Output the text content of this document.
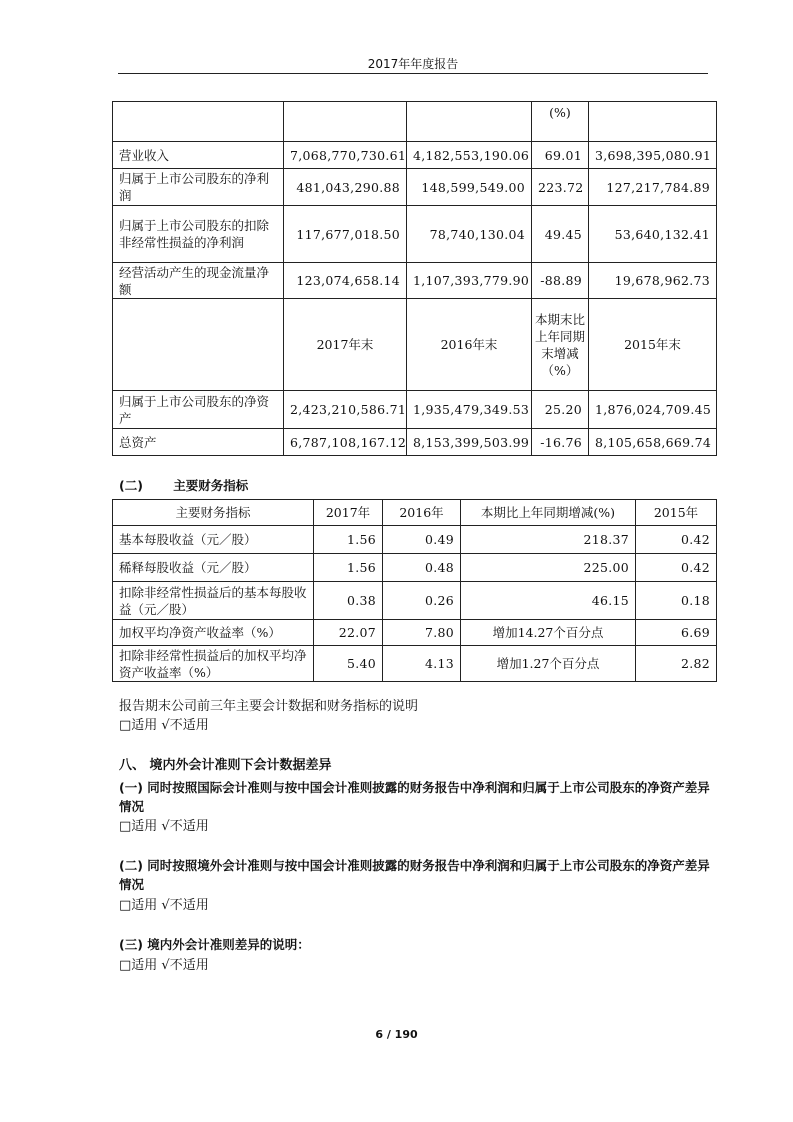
2017年年度报告
			(%)	
营业收入	7,068,770,730.61	4,182,553,190.06	69.01	3,698,395,080.91
归属于上市公司股东的净利润	481,043,290.88	148,599,549.00	223.72	127,217,784.89
归属于上市公司股东的扣除非经常性损益的净利润	117,677,018.50	78,740,130.04	49.45	53,640,132.41
经营活动产生的现金流量净额	123,074,658.14	1,107,393,779.90	-88.89	19,678,962.73
	2017年末	2016年末	本期末比上年同期末增减（%）	2015年末
归属于上市公司股东的净资产	2,423,210,586.71	1,935,479,349.53	25.20	1,876,024,709.45
总资产	6,787,108,167.12	8,153,399,503.99	-16.76	8,105,658,669.74
(二) 主要财务指标
主要财务指标	2017年	2016年	本期比上年同期增减(%)	2015年
基本每股收益（元／股）	1.56	0.49	218.37	0.42
稀释每股收益（元／股）	1.56	0.48	225.00	0.42
扣除非经常性损益后的基本每股收益（元／股）	0.38	0.26	46.15	0.18
加权平均净资产收益率（%）	22.07	7.80	增加14.27个百分点	6.69
扣除非经常性损益后的加权平均净资产收益率（%）	5.40	4.13	增加1.27个百分点	2.82
报告期末公司前三年主要会计数据和财务指标的说明
□适用 √不适用
八、 境内外会计准则下会计数据差异
(一) 同时按照国际会计准则与按中国会计准则披露的财务报告中净利润和归属于上市公司股东的净资产差异情况
□适用 √不适用
(二) 同时按照境外会计准则与按中国会计准则披露的财务报告中净利润和归属于上市公司股东的净资产差异情况
□适用 √不适用
(三) 境内外会计准则差异的说明：
□适用 √不适用
6 / 190
